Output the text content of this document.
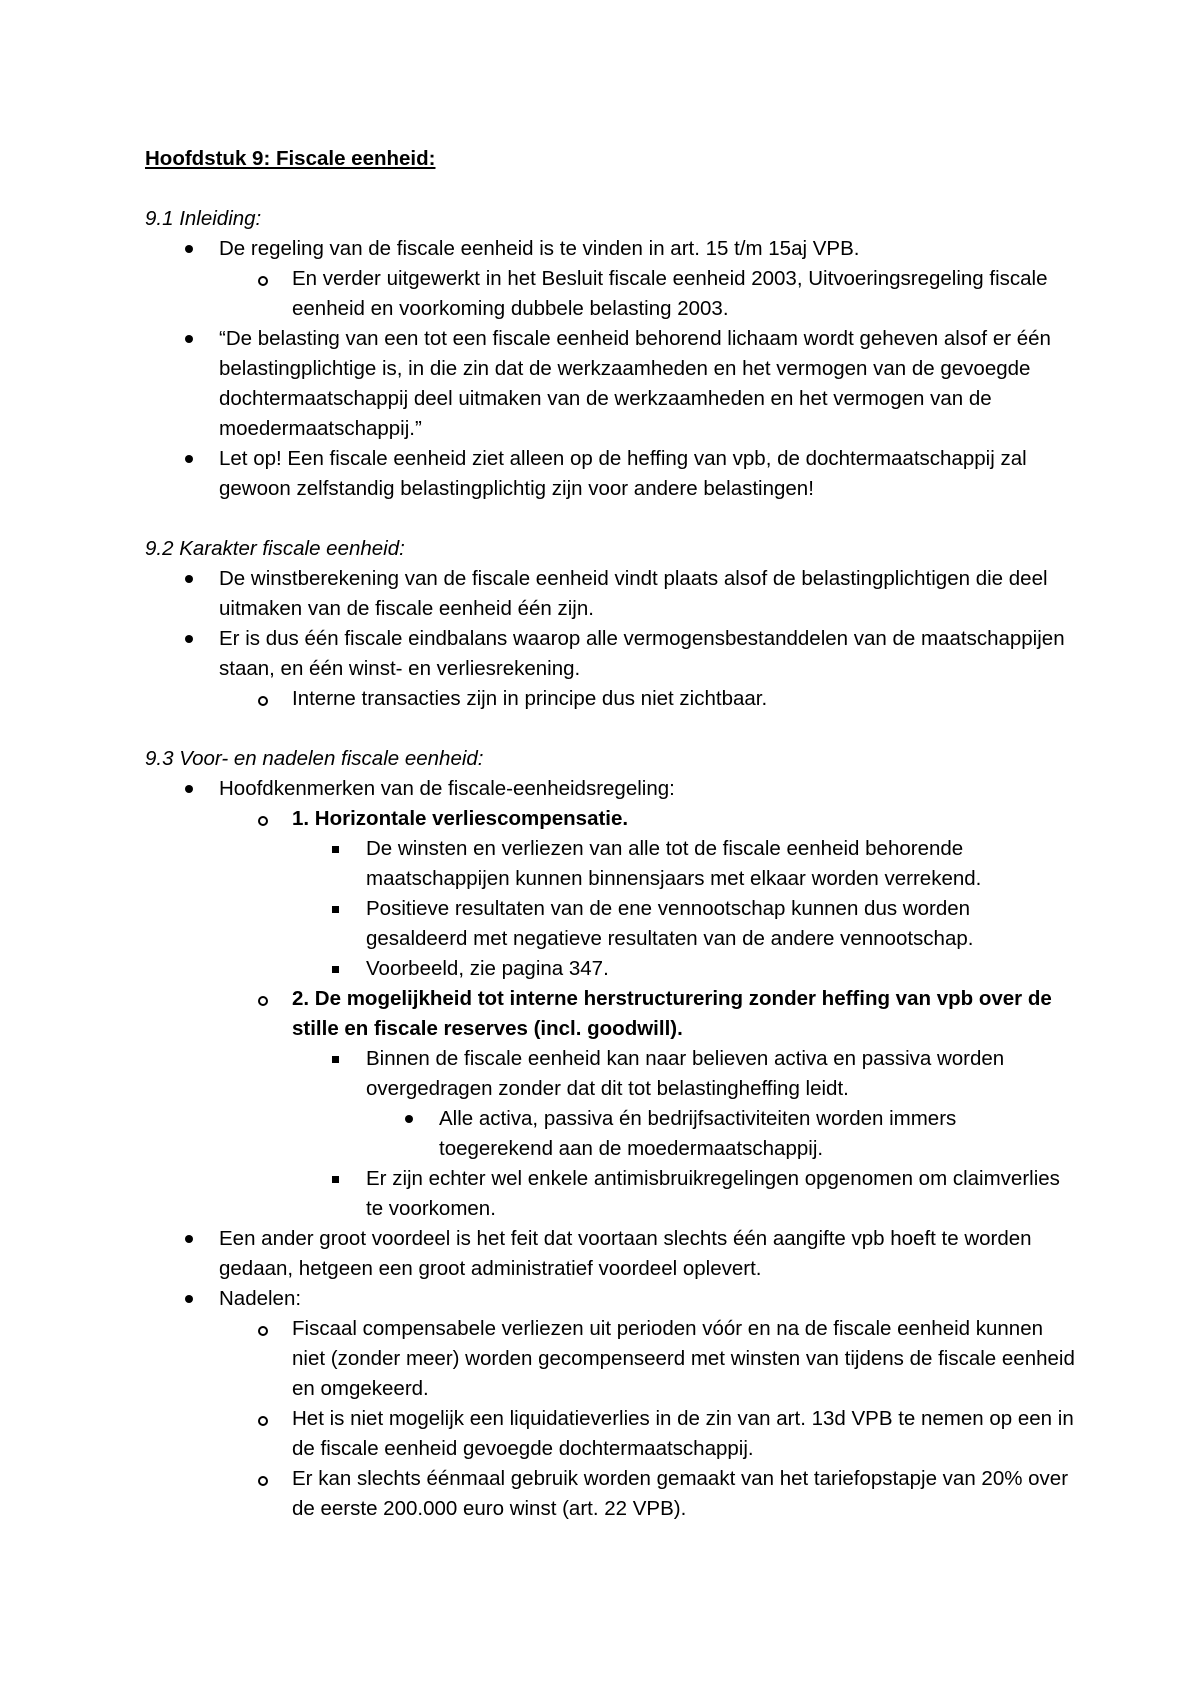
Hoofdstuk 9: Fiscale eenheid:

9.1 Inleiding:

De regeling van de fiscale eenheid is te vinden in art. 15 t/m 15aj VPB.
En verder uitgewerkt in het Besluit fiscale eenheid 2003, Uitvoeringsregeling fiscale eenheid en voorkoming dubbele belasting 2003.
“De belasting van een tot een fiscale eenheid behorend lichaam wordt geheven alsof er één belastingplichtige is, in die zin dat de werkzaamheden en het vermogen van de gevoegde dochtermaatschappij deel uitmaken van de werkzaamheden en het vermogen van de moedermaatschappij.”
Let op! Een fiscale eenheid ziet alleen op de heffing van vpb, de dochtermaatschappij zal gewoon zelfstandig belastingplichtig zijn voor andere belastingen!

9.2 Karakter fiscale eenheid:

De winstberekening van de fiscale eenheid vindt plaats alsof de belastingplichtigen die deel uitmaken van de fiscale eenheid één zijn.
Er is dus één fiscale eindbalans waarop alle vermogensbestanddelen van de maatschappijen staan, en één winst- en verliesrekening.
Interne transacties zijn in principe dus niet zichtbaar.

9.3 Voor- en nadelen fiscale eenheid:

Hoofdkenmerken van de fiscale-eenheidsregeling:
1. Horizontale verliescompensatie.
De winsten en verliezen van alle tot de fiscale eenheid behorende maatschappijen kunnen binnensjaars met elkaar worden verrekend.
Positieve resultaten van de ene vennootschap kunnen dus worden gesaldeerd met negatieve resultaten van de andere vennootschap.
Voorbeeld, zie pagina 347.
2. De mogelijkheid tot interne herstructurering zonder heffing van vpb over de stille en fiscale reserves (incl. goodwill).
Binnen de fiscale eenheid kan naar believen activa en passiva worden overgedragen zonder dat dit tot belastingheffing leidt.
Alle activa, passiva én bedrijfsactiviteiten worden immers toegerekend aan de moedermaatschappij.
Er zijn echter wel enkele antimisbruikregelingen opgenomen om claimverlies te voorkomen.
Een ander groot voordeel is het feit dat voortaan slechts één aangifte vpb hoeft te worden gedaan, hetgeen een groot administratief voordeel oplevert.
Nadelen:
Fiscaal compensabele verliezen uit perioden vóór en na de fiscale eenheid kunnen niet (zonder meer) worden gecompenseerd met winsten van tijdens de fiscale eenheid en omgekeerd.
Het is niet mogelijk een liquidatieverlies in de zin van art. 13d VPB te nemen op een in de fiscale eenheid gevoegde dochtermaatschappij.
Er kan slechts éénmaal gebruik worden gemaakt van het tariefopstapje van 20% over de eerste 200.000 euro winst (art. 22 VPB).
